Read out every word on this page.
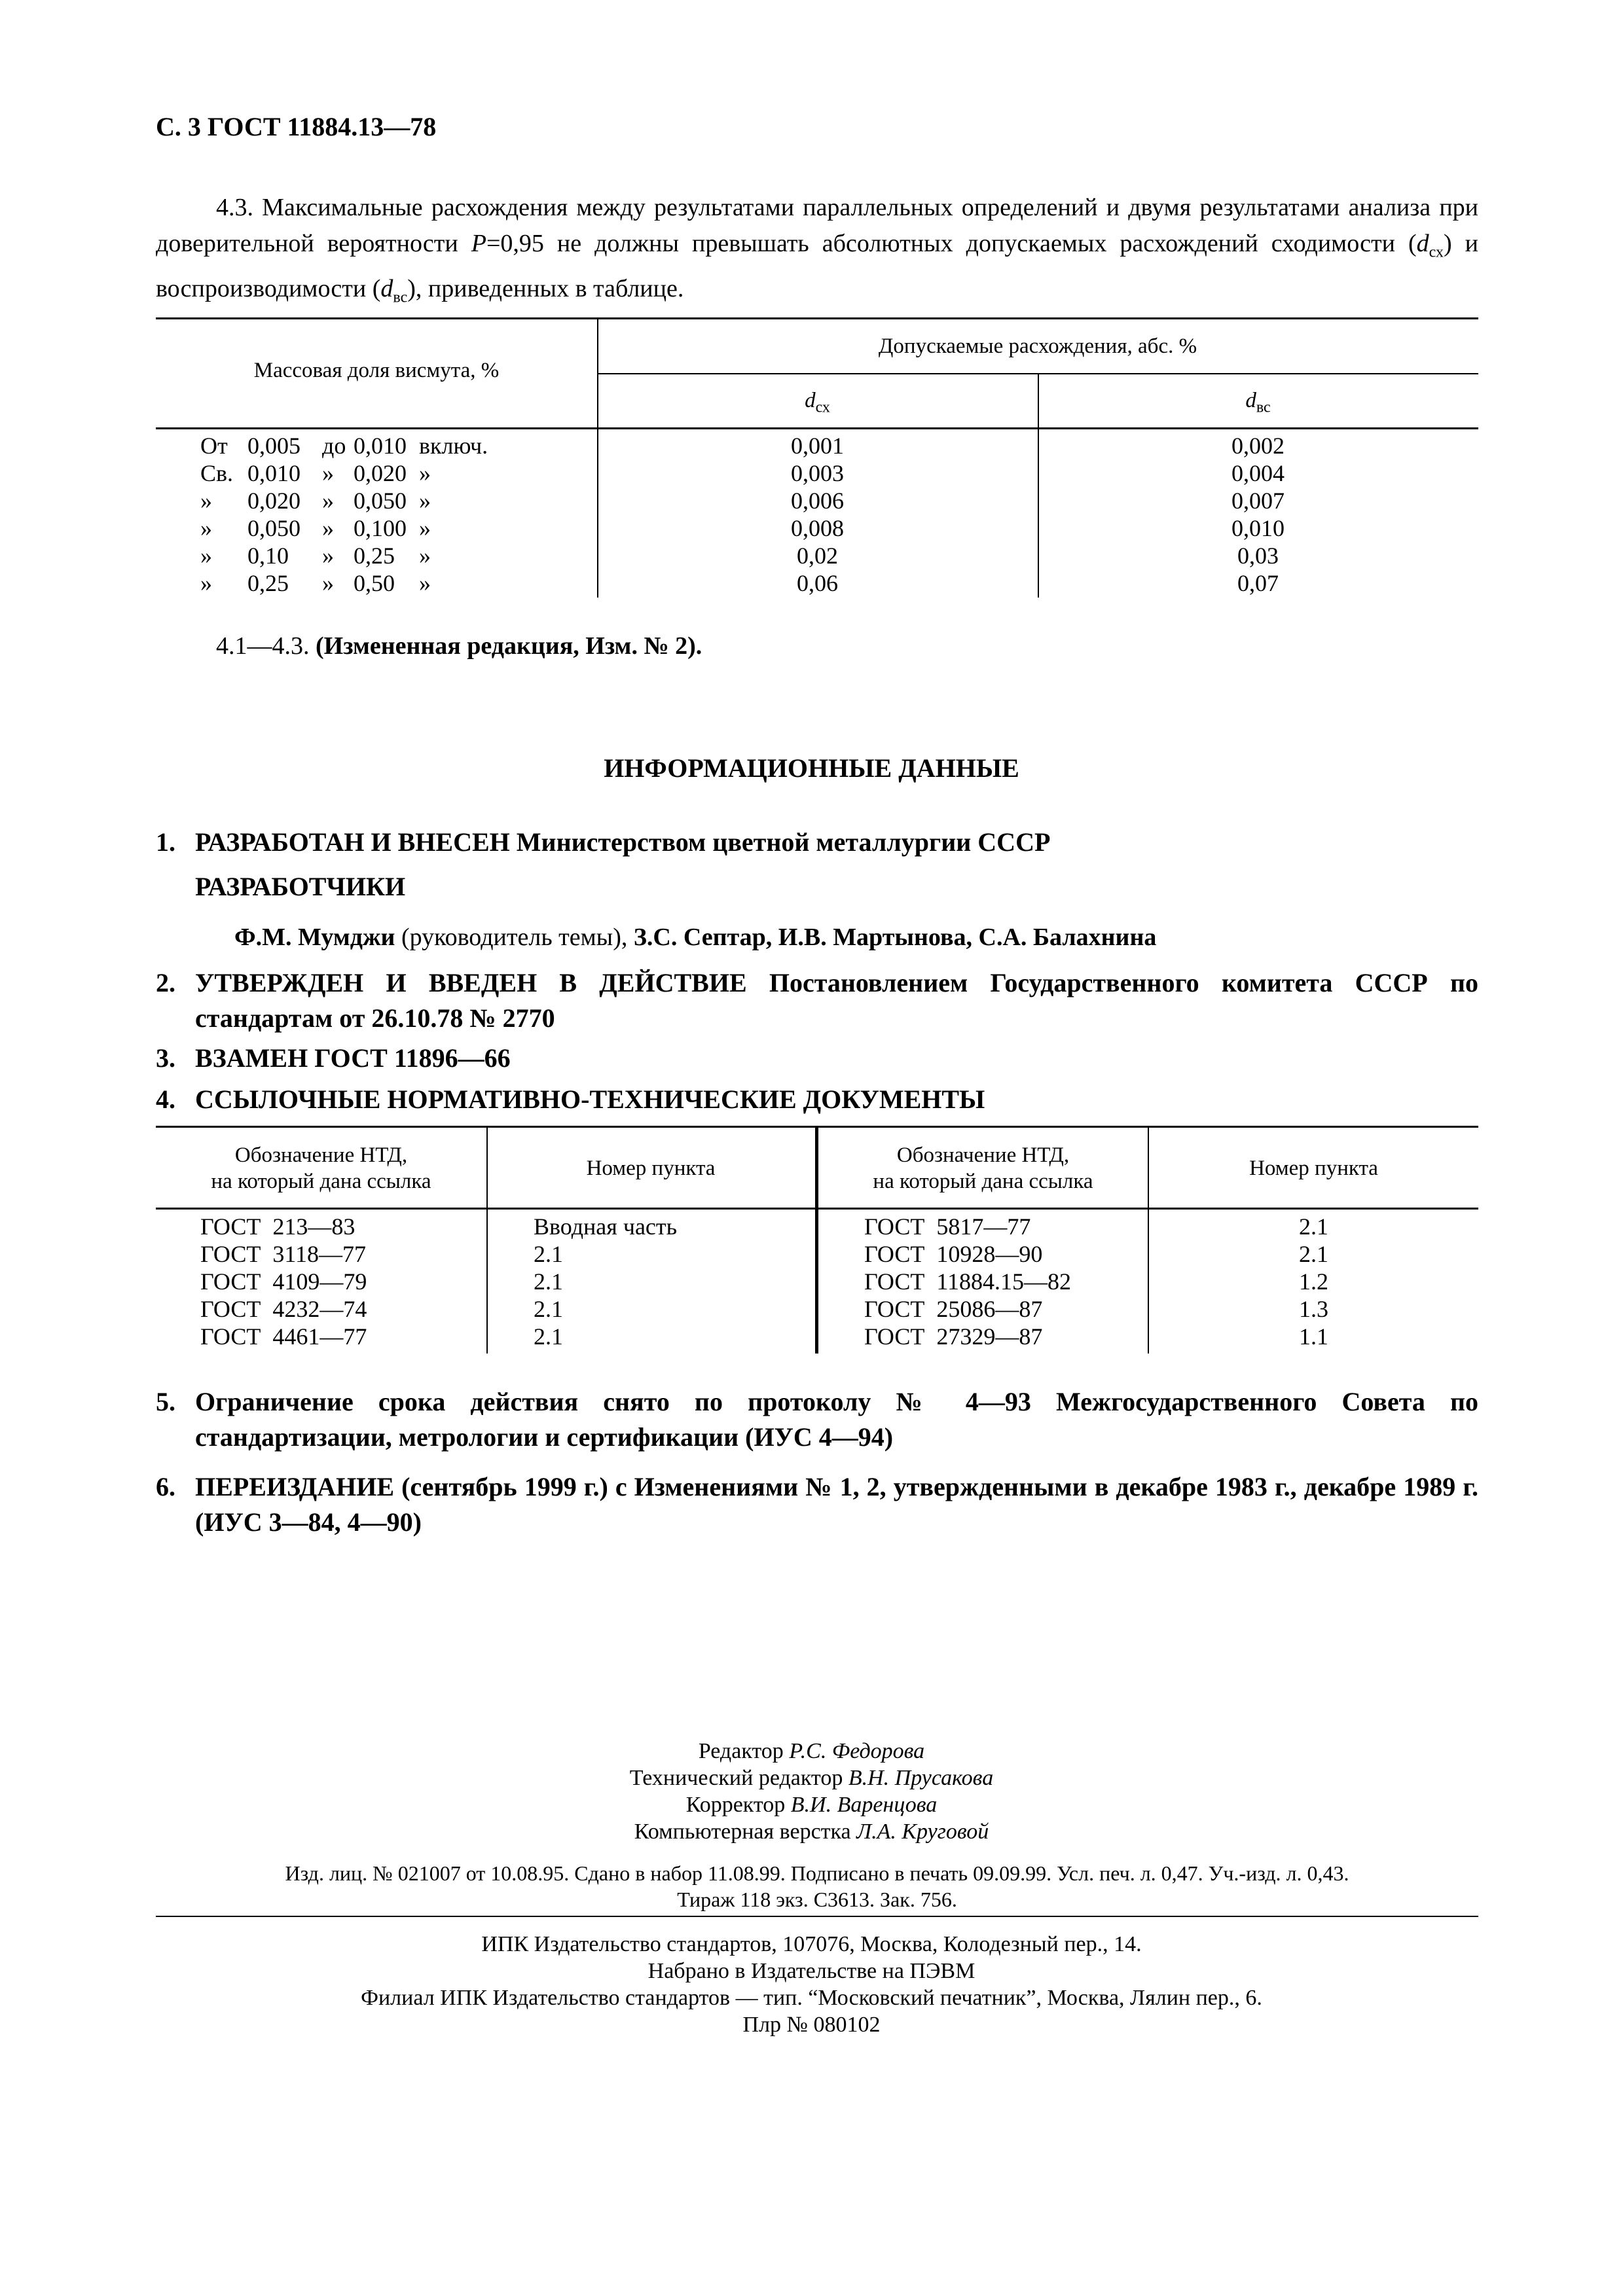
С. 3 ГОСТ 11884.13—78
4.3. Максимальные расхождения между результатами параллельных определений и двумя результатами анализа при доверительной вероятности P=0,95 не должны превышать абсолютных допускаемых расхождений сходимости $(d_{сх})$ и воспроизводимости $(d_{вс})$, приведенных в таблице.
Массовая доля висмута, %
Допускаемые расхождения, абс. %
$d_{сх}$	$d_{вс}$
От 0,005 до 0,010 включ.	0,001	0,002
Св. 0,010 » 0,020 »	0,003	0,004
» 0,020 » 0,050 »	0,006	0,007
» 0,050 » 0,100 »	0,008	0,010
» 0,10 » 0,25 »	0,02	0,03
» 0,25 » 0,50 »	0,06	0,07
4.1—4.3. (Измененная редакция, Изм. № 2).
ИНФОРМАЦИОННЫЕ ДАННЫЕ
1. РАЗРАБОТАН И ВНЕСЕН Министерством цветной металлургии СССР
РАЗРАБОТЧИКИ
Ф.М. Мумджи (руководитель темы), З.С. Септар, И.В. Мартынова, С.А. Балахнина
2. УТВЕРЖДЕН И ВВЕДЕН В ДЕЙСТВИЕ Постановлением Государственного комитета СССР по стандартам от 26.10.78 № 2770
3. ВЗАМЕН ГОСТ 11896—66
4. ССЫЛОЧНЫЕ НОРМАТИВНО-ТЕХНИЧЕСКИЕ ДОКУМЕНТЫ
Обозначение НТД,
на который дана ссылка
Номер пункта
Обозначение НТД,
на который дана ссылка
Номер пункта
ГОСТ  213—83	Вводная часть	ГОСТ  5817—77	2.1
ГОСТ  3118—77	2.1	ГОСТ  10928—90	2.1
ГОСТ  4109—79	2.1	ГОСТ  11884.15—82	1.2
ГОСТ  4232—74	2.1	ГОСТ  25086—87	1.3
ГОСТ  4461—77	2.1	ГОСТ  27329—87	1.1
5. Ограничение срока действия снято по протоколу № 4—93 Межгосударственного Совета по стандартизации, метрологии и сертификации (ИУС 4—94)
6. ПЕРЕИЗДАНИЕ (сентябрь 1999 г.) с Изменениями № 1, 2, утвержденными в декабре 1983 г., декабре 1989 г. (ИУС 3—84, 4—90)
Редактор Р.С. Федорова
Технический редактор В.Н. Прусакова
Корректор В.И. Варенцова
Компьютерная верстка Л.А. Круговой
Изд. лиц. № 021007 от 10.08.95. Сдано в набор 11.08.99. Подписано в печать 09.09.99. Усл. печ. л. 0,47. Уч.-изд. л. 0,43.
Тираж 118 экз. С3613. Зак. 756.
ИПК Издательство стандартов, 107076, Москва, Колодезный пер., 14.
Набрано в Издательстве на ПЭВМ
Филиал ИПК Издательство стандартов — тип. “Московский печатник”, Москва, Лялин пер., 6.
Плр № 080102
